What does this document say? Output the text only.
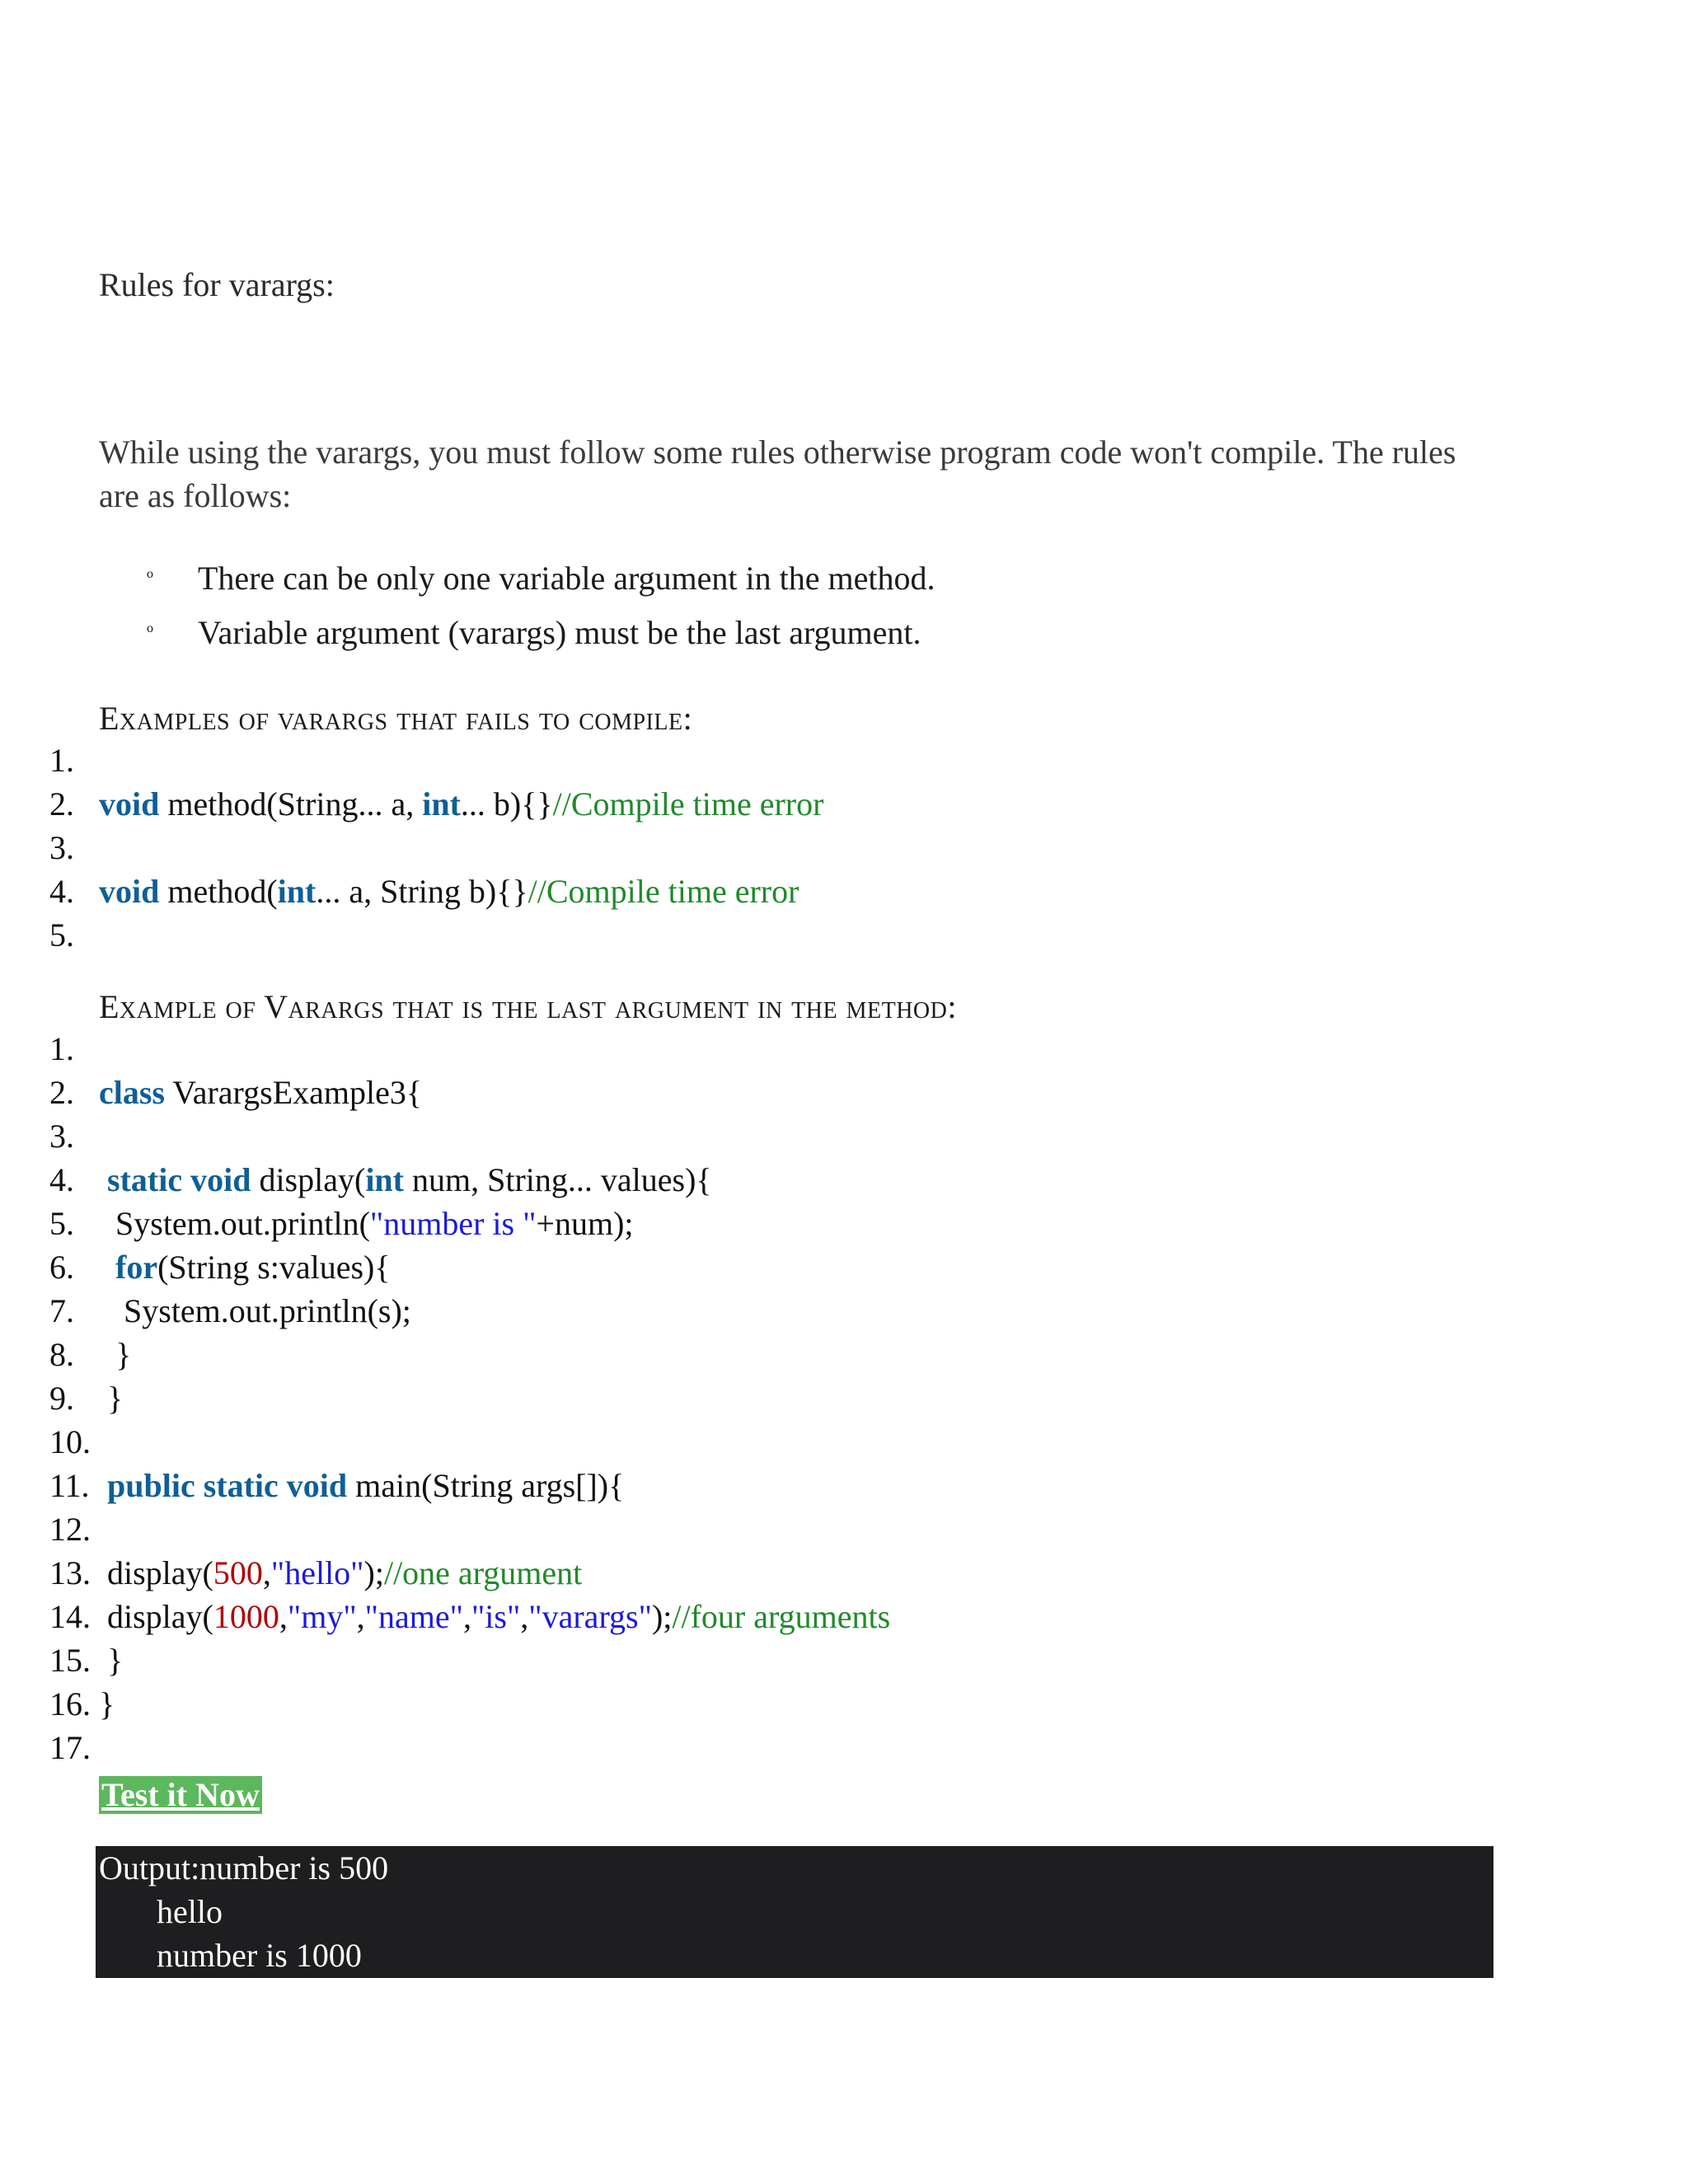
Rules for varargs:
While using the varargs, you must follow some rules otherwise program code won't compile. The rules are as follows:
o There can be only one variable argument in the method.
o Variable argument (varargs) must be the last argument.
Examples of varargs that fails to compile:
1.
2. void method(String... a, int... b){}//Compile time error
3.
4. void method(int... a, String b){}//Compile time error
5.
Example of Varargs that is the last argument in the method:
1.
2. class VarargsExample3{
3.
4.	static void display(int num, String... values){
5. System.out.println("number is "+num);
6.	for(String s:values){
7. System.out.println(s);
8. }
9. }
10.
11. public static void main(String args[]){
12.
13. display(500,"hello");//one argument
14. display(1000,"my","name","is","varargs");//four arguments
15. }
16. }
17.
Test it Now

Output:number is 500

hello

number is 1000
